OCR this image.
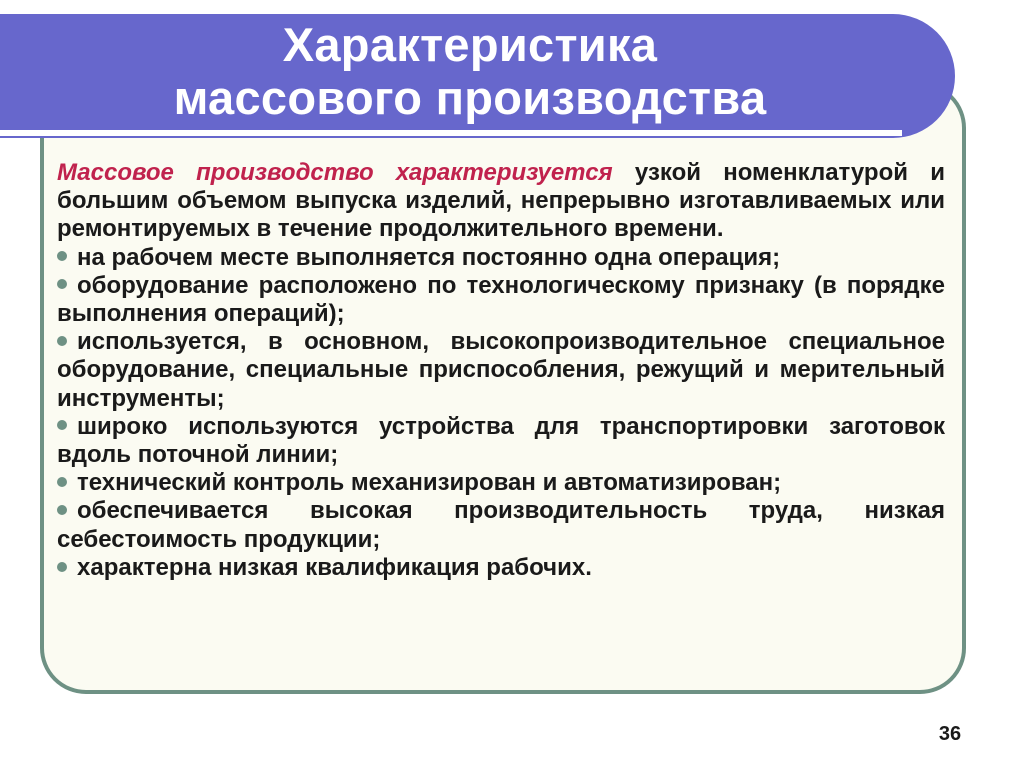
Характеристика
массового производства

Массовое производство характеризуется узкой номенклатурой и большим объемом выпуска изделий, непрерывно изготавливаемых или ремонтируемых в течение продолжительного времени.

на рабочем месте выполняется постоянно одна операция;

оборудование расположено по технологическому признаку (в порядке выполнения операций);

используется, в основном, высокопроизводительное специальное оборудование, специальные приспособления, режущий и мерительный инструменты;

широко используются устройства для транспортировки заготовок вдоль поточной линии;

технический контроль механизирован и автоматизирован;

обеспечивается высокая производительность труда, низкая себестоимость продукции;

характерна низкая квалификация рабочих.

36
